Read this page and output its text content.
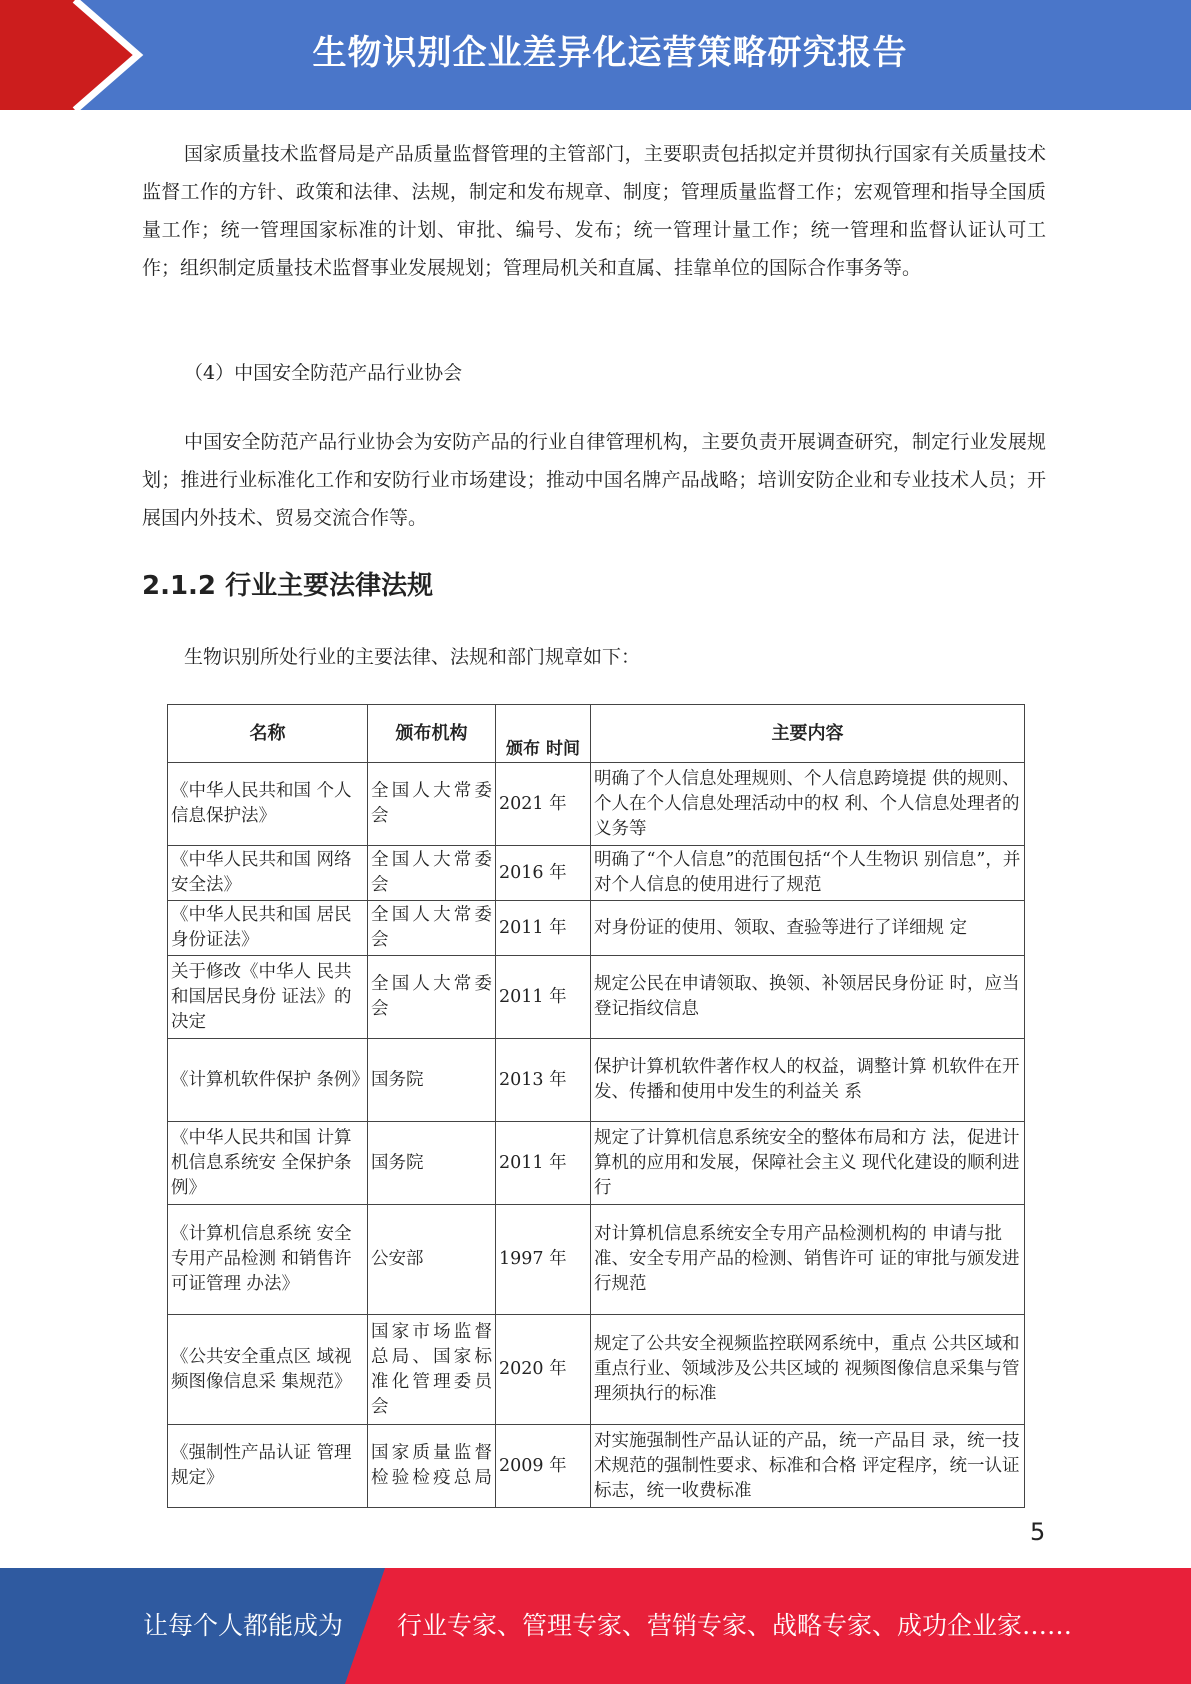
生物识别企业差异化运营策略研究报告

国家质量技术监督局是产品质量监督管理的主管部门，主要职责包括拟定并贯彻执行国家有关质量技术监督工作的方针、政策和法律、法规，制定和发布规章、制度；管理质量监督工作；宏观管理和指导全国质量工作；统一管理国家标准的计划、审批、编号、发布；统一管理计量工作；统一管理和监督认证认可工作；组织制定质量技术监督事业发展规划；管理局机关和直属、挂靠单位的国际合作事务等。

（4）中国安全防范产品行业协会

中国安全防范产品行业协会为安防产品的行业自律管理机构，主要负责开展调查研究，制定行业发展规划；推进行业标准化工作和安防行业市场建设；推动中国名牌产品战略；培训安防企业和专业技术人员；开展国内外技术、贸易交流合作等。

2.1.2 行业主要法律法规

生物识别所处行业的主要法律、法规和部门规章如下：

名称	颁布机构	颁布 时间	主要内容
《中华人民共和国 个人信息保护法》	全国人大常委会	2021 年	明确了个人信息处理规则、个人信息跨境提 供的规则、个人在个人信息处理活动中的权 利、个人信息处理者的义务等
《中华人民共和国 网络安全法》	全国人大常委会	2016 年	明确了“个人信息”的范围包括“个人生物识 别信息”，并对个人信息的使用进行了规范
《中华人民共和国 居民身份证法》	全国人大常委会	2011 年	对身份证的使用、领取、查验等进行了详细规 定
关于修改《中华人 民共和国居民身份 证法》的决定	全国人大常委会	2011 年	规定公民在申请领取、换领、补领居民身份证 时，应当登记指纹信息
《计算机软件保护 条例》	国务院	2013 年	保护计算机软件著作权人的权益，调整计算 机软件在开发、传播和使用中发生的利益关 系
《中华人民共和国 计算机信息系统安 全保护条例》	国务院	2011 年	规定了计算机信息系统安全的整体布局和方 法，促进计算机的应用和发展，保障社会主义 现代化建设的顺利进行
《计算机信息系统 安全专用产品检测 和销售许可证管理 办法》	公安部	1997 年	对计算机信息系统安全专用产品检测机构的 申请与批准、安全专用产品的检测、销售许可 证的审批与颁发进行规范
《公共安全重点区 域视频图像信息采 集规范》	国家市场监督总局、国家标准化管理委员会	2020 年	规定了公共安全视频监控联网系统中，重点 公共区域和重点行业、领域涉及公共区域的 视频图像信息采集与管理须执行的标准
《强制性产品认证 管理规定》	国家质量监督检验检疫总局	2009 年	对实施强制性产品认证的产品，统一产品目 录，统一技术规范的强制性要求、标准和合格 评定程序，统一认证标志，统一收费标准
5
让每个人都能成为 行业专家、管理专家、营销专家、战略专家、成功企业家……
